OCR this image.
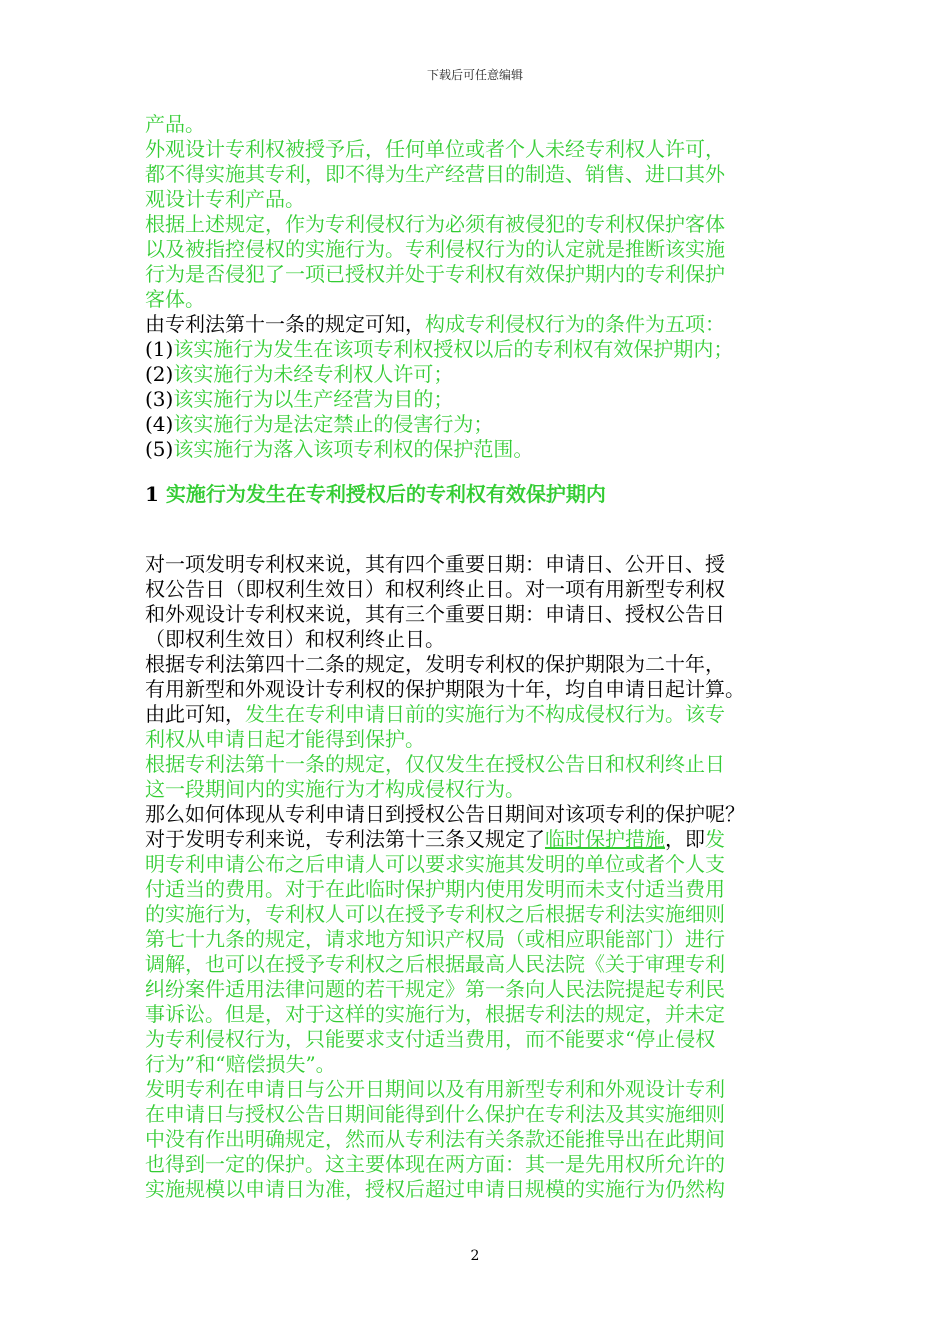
下载后可任意编辑
产品。
外观设计专利权被授予后，任何单位或者个人未经专利权人许可，
都不得实施其专利，即不得为生产经营目的制造、销售、进口其外
观设计专利产品。
根据上述规定，作为专利侵权行为必须有被侵犯的专利权保护客体
以及被指控侵权的实施行为。专利侵权行为的认定就是推断该实施
行为是否侵犯了一项已授权并处于专利权有效保护期内的专利保护
客体。
由专利法第十一条的规定可知，构成专利侵权行为的条件为五项：
(1)该实施行为发生在该项专利权授权以后的专利权有效保护期内；
(2)该实施行为未经专利权人许可；
(3)该实施行为以生产经营为目的；
(4)该实施行为是法定禁止的侵害行为；
(5)该实施行为落入该项专利权的保护范围。
1 实施行为发生在专利授权后的专利权有效保护期内
对一项发明专利权来说，其有四个重要日期：申请日、公开日、授
权公告日（即权利生效日）和权利终止日。对一项有用新型专利权
和外观设计专利权来说，其有三个重要日期：申请日、授权公告日
（即权利生效日）和权利终止日。
根据专利法第四十二条的规定，发明专利权的保护期限为二十年，
有用新型和外观设计专利权的保护期限为十年，均自申请日起计算。
由此可知，发生在专利申请日前的实施行为不构成侵权行为。该专
利权从申请日起才能得到保护。
根据专利法第十一条的规定，仅仅发生在授权公告日和权利终止日
这一段期间内的实施行为才构成侵权行为。
那么如何体现从专利申请日到授权公告日期间对该项专利的保护呢？
对于发明专利来说，专利法第十三条又规定了临时保护措施，即发
明专利申请公布之后申请人可以要求实施其发明的单位或者个人支
付适当的费用。对于在此临时保护期内使用发明而未支付适当费用
的实施行为，专利权人可以在授予专利权之后根据专利法实施细则
第七十九条的规定，请求地方知识产权局（或相应职能部门）进行
调解，也可以在授予专利权之后根据最高人民法院《关于审理专利
纠纷案件适用法律问题的若干规定》第一条向人民法院提起专利民
事诉讼。但是，对于这样的实施行为，根据专利法的规定，并未定
为专利侵权行为，只能要求支付适当费用，而不能要求“停止侵权
行为”和“赔偿损失”。
发明专利在申请日与公开日期间以及有用新型专利和外观设计专利
在申请日与授权公告日期间能得到什么保护在专利法及其实施细则
中没有作出明确规定，然而从专利法有关条款还能推导出在此期间
也得到一定的保护。这主要体现在两方面：其一是先用权所允许的
实施规模以申请日为准，授权后超过申请日规模的实施行为仍然构
2
